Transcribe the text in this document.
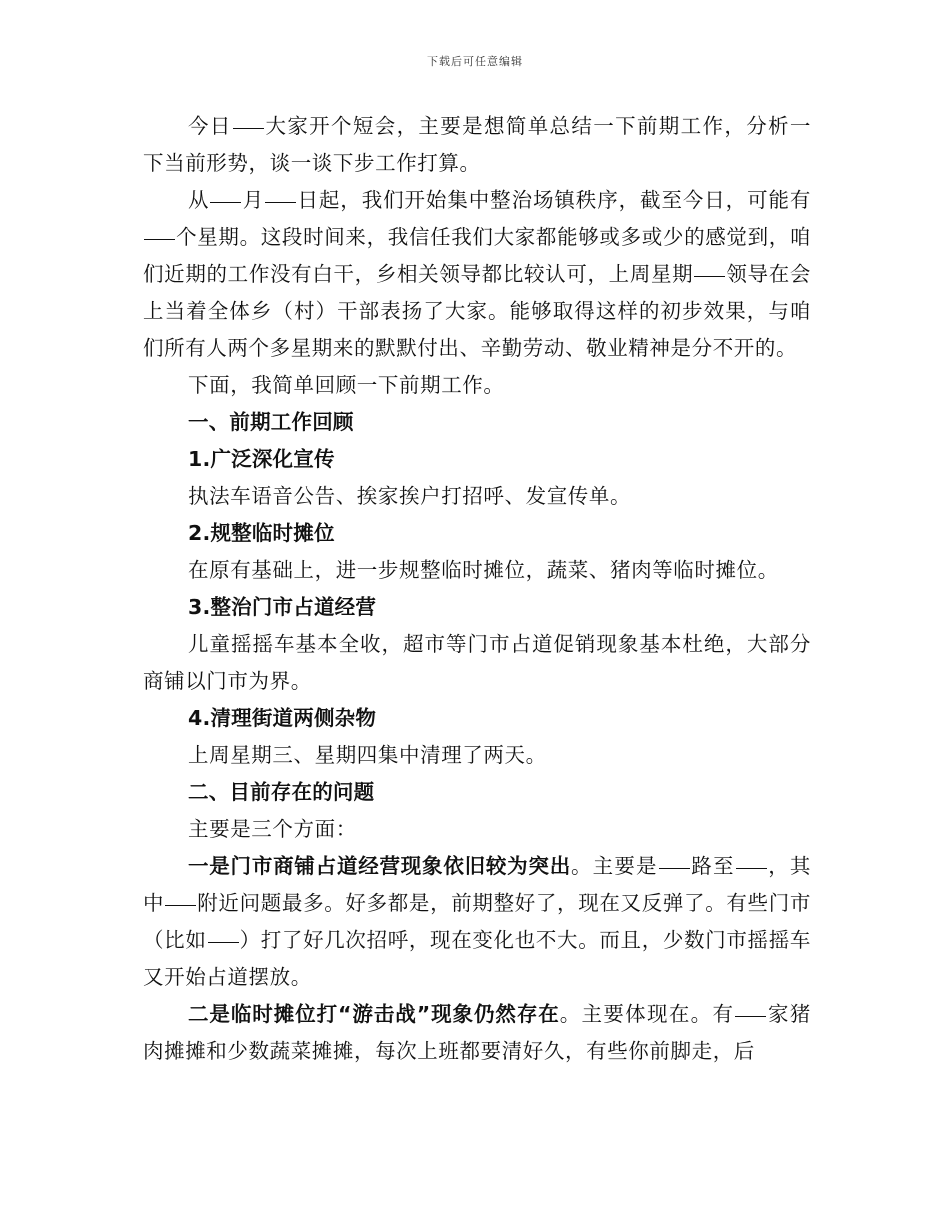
下载后可任意编辑

今日 大家开个短会，主要是想简单总结一下前期工作，分析一下当前形势，谈一谈下步工作打算。

从 月 日起，我们开始集中整治场镇秩序，截至今日，可能有个星期。这段时间来，我信任我们大家都能够或多或少的感觉到，咱们近期的工作没有白干，乡相关领导都比较认可，上周星期 领导在会上当着全体乡（村）干部表扬了大家。能够取得这样的初步效果，与咱们所有人两个多星期来的默默付出、辛勤劳动、敬业精神是分不开的。

下面，我简单回顾一下前期工作。

一、前期工作回顾

1.广泛深化宣传

执法车语音公告、挨家挨户打招呼、发宣传单。

2.规整临时摊位

在原有基础上，进一步规整临时摊位，蔬菜、猪肉等临时摊位。

3.整治门市占道经营

儿童摇摇车基本全收，超市等门市占道促销现象基本杜绝，大部分商铺以门市为界。

4.清理街道两侧杂物

上周星期三、星期四集中清理了两天。

二、目前存在的问题

主要是三个方面：

一是门市商铺占道经营现象依旧较为突出。主要是 路至 ，其中 附近问题最多。好多都是，前期整好了，现在又反弹了。有些门市（比如 ）打了好几次招呼，现在变化也不大。而且，少数门市摇摇车又开始占道摆放。

二是临时摊位打“游击战”现象仍然存在。主要体现在。有 家猪肉摊摊和少数蔬菜摊摊，每次上班都要清好久，有些你前脚走，后
